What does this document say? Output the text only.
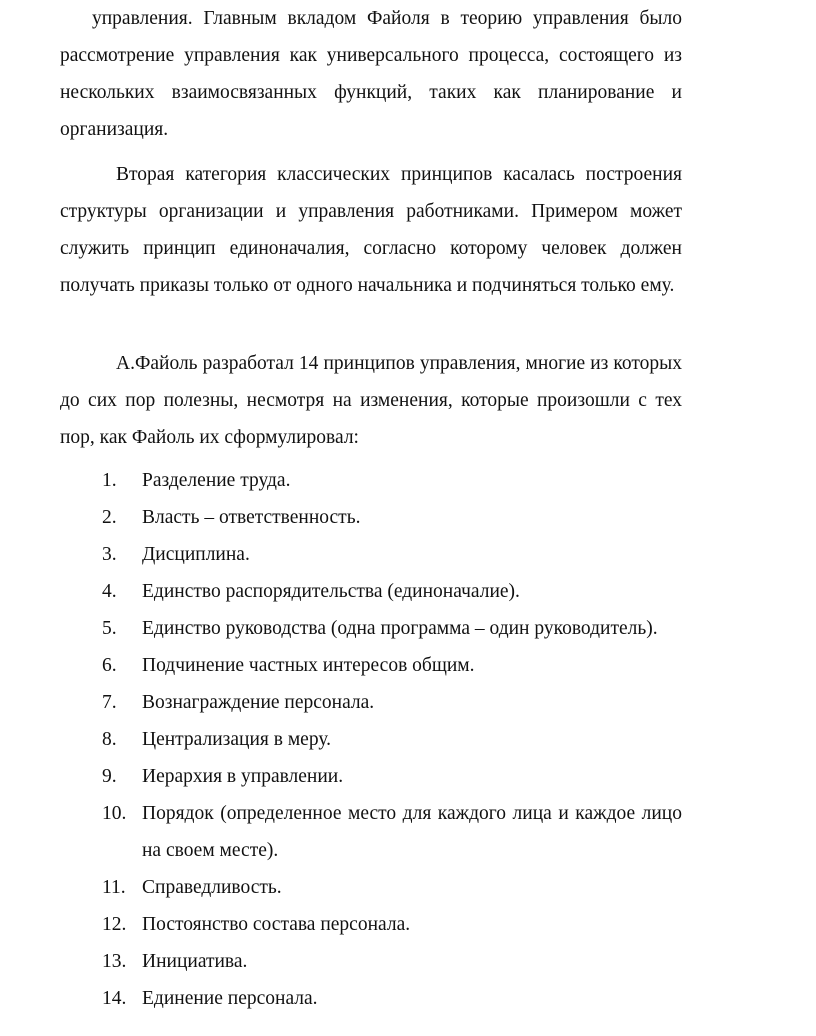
управления. Главным вкладом Файоля в теорию управления было рассмотрение управления как универсального процесса, состоящего из нескольких взаимосвязанных функций, таких как планирование и организация.

Вторая категория классических принципов касалась построения структуры организации и управления работниками. Примером может служить принцип единоначалия, согласно которому человек должен получать приказы только от одного начальника и подчиняться только ему.

А.Файоль разработал 14 принципов управления, многие из которых до сих пор полезны, несмотря на изменения, которые произошли с тех пор, как Файоль их сформулировал:

1.	Разделение труда.
2.	Власть – ответственность.
3.	Дисциплина.
4.	Единство распорядительства (единоначалие).
5.	Единство руководства (одна программа – один руководитель).
6.	Подчинение частных интересов общим.
7.	Вознаграждение персонала.
8.	Централизация в меру.
9.	Иерархия в управлении.
10. Порядок (определенное место для каждого лица и каждое лицо на своем месте).
11. Справедливость.
12. Постоянство состава персонала.
13. Инициатива.
14. Единение персонала.
